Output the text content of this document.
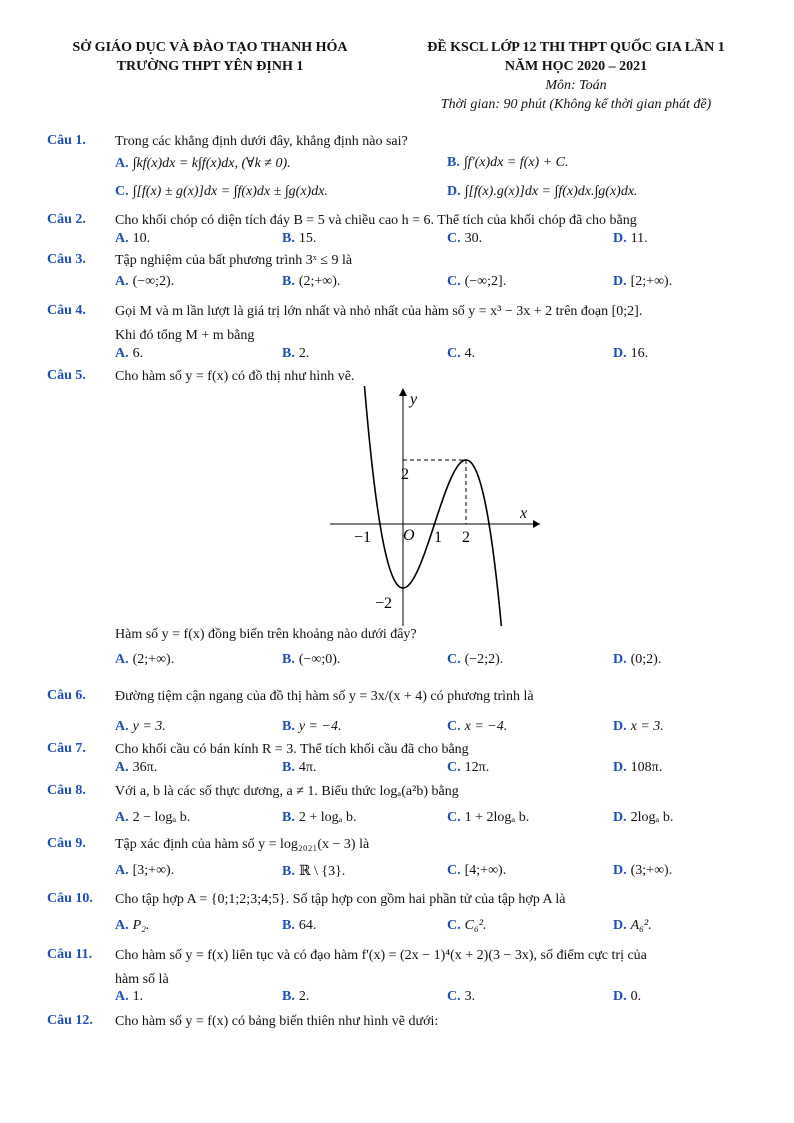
SỞ GIÁO DỤC VÀ ĐÀO TẠO THANH HÓA
TRƯỜNG THPT YÊN ĐỊNH 1
ĐỀ KSCL LỚP 12 THI THPT QUỐC GIA LẦN 1
NĂM HỌC 2020 – 2021
Môn: Toán
Thời gian: 90 phút (Không kể thời gian phát đề)
Câu 1. Trong các khẳng định dưới đây, khẳng định nào sai?
A. ∫kf(x)dx = k∫f(x)dx, (∀k ≠ 0).	B. ∫f'(x)dx = f(x) + C.
C. ∫[f(x) ± g(x)]dx = ∫f(x)dx ± ∫g(x)dx.	D. ∫[f(x).g(x)]dx = ∫f(x)dx.∫g(x)dx.
Câu 2. Cho khối chóp có diện tích đáy B = 5 và chiều cao h = 6. Thể tích của khối chóp đã cho bằng
A. 10.	B. 15.	C. 30.	D. 11.
Câu 3. Tập nghiệm của bất phương trình 3ˣ ≤ 9 là
A. (−∞;2).	B. (2;+∞).	C. (−∞;2].	D. [2;+∞).
Câu 4. Gọi M và m lần lượt là giá trị lớn nhất và nhỏ nhất của hàm số y = x³ − 3x + 2 trên đoạn [0;2].
Khi đó tổng M + m bằng
A. 6.	B. 2.	C. 4.	D. 16.
Câu 5. Cho hàm số y = f(x) có đồ thị như hình vẽ.
Hàm số y = f(x) đồng biến trên khoảng nào dưới đây?
A. (2;+∞).	B. (−∞;0).	C. (−2;2).	D. (0;2).
Câu 6. Đường tiệm cận ngang của đồ thị hàm số y = 3x/(x + 4) có phương trình là
A. y = 3.	B. y = −4.	C. x = −4.	D. x = 3.
Câu 7. Cho khối cầu có bán kính R = 3. Thể tích khối cầu đã cho bằng
A. 36π.	B. 4π.	C. 12π.	D. 108π.
Câu 8. Với a, b là các số thực dương, a ≠ 1. Biểu thức logₐ(a²b) bằng
A. 2 − logₐ b.	B. 2 + logₐ b.	C. 1 + 2logₐ b.	D. 2logₐ b.
Câu 9. Tập xác định của hàm số y = log₂₀₂₁(x − 3) là
A. [3;+∞).	B. ℝ \ {3}.	C. [4;+∞).	D. (3;+∞).
Câu 10. Cho tập hợp A = {0;1;2;3;4;5}. Số tập hợp con gồm hai phần tử của tập hợp A là
A. P₂.	B. 64.	C. C₆².	D. A₆².
Câu 11. Cho hàm số y = f(x) liên tục và có đạo hàm f'(x) = (2x − 1)⁴(x + 2)(3 − 3x), số điểm cực trị của
hàm số là
A. 1.	B. 2.	C. 3.	D. 0.
Câu 12. Cho hàm số y = f(x) có bảng biến thiên như hình vẽ dưới:
y
x
O
−1	1 2
2
−2
